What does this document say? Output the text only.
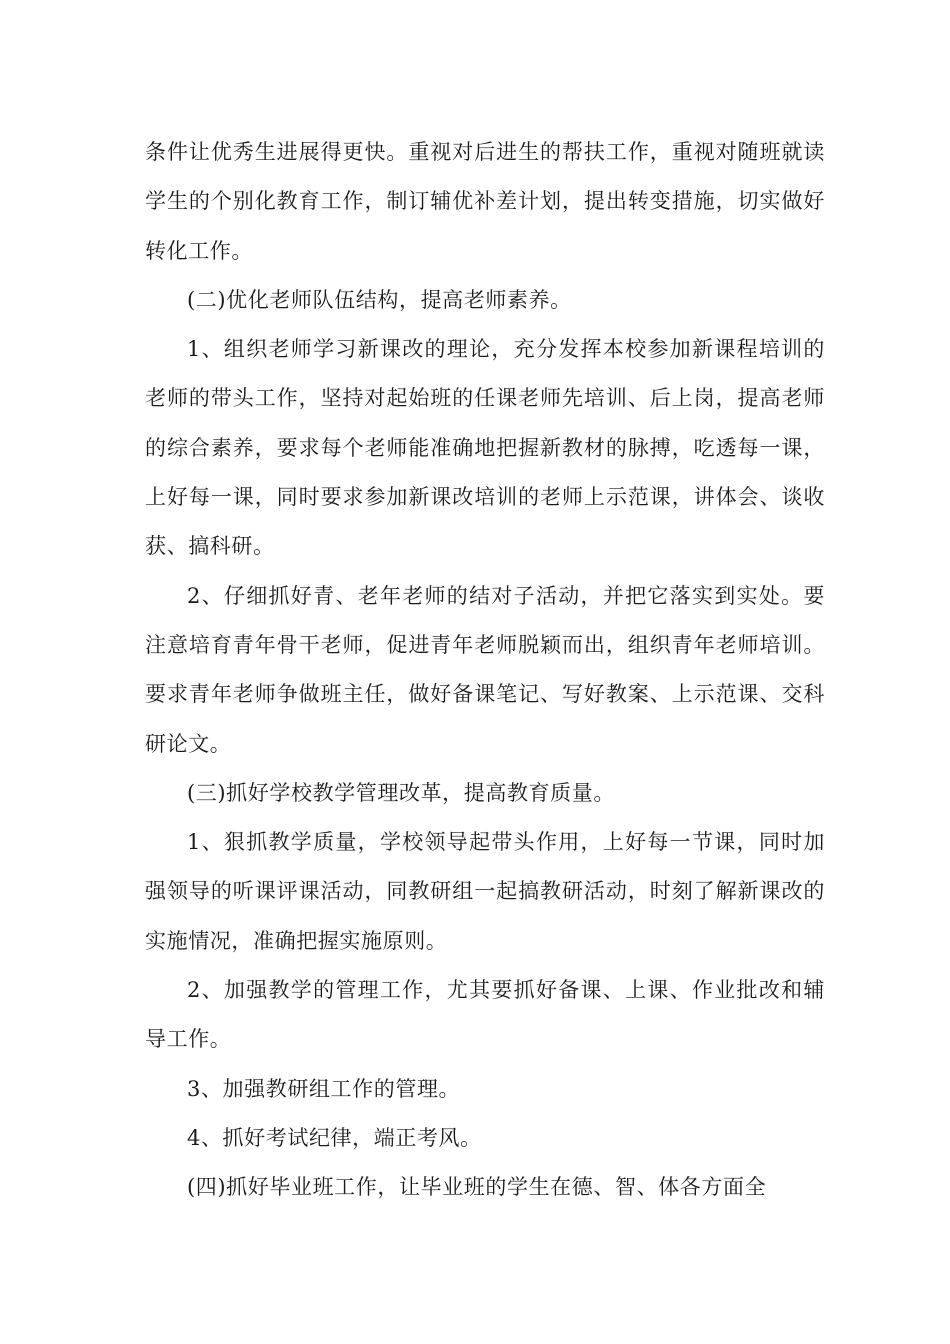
条件让优秀生进展得更快。重视对后进生的帮扶工作，重视对随班就读学生的个别化教育工作，制订辅优补差计划，提出转变措施，切实做好转化工作。

(二)优化老师队伍结构，提高老师素养。

1、组织老师学习新课改的理论，充分发挥本校参加新课程培训的老师的带头工作，坚持对起始班的任课老师先培训、后上岗，提高老师的综合素养，要求每个老师能准确地把握新教材的脉搏，吃透每一课，上好每一课，同时要求参加新课改培训的老师上示范课，讲体会、谈收获、搞科研。

2、仔细抓好青、老年老师的结对子活动，并把它落实到实处。要注意培育青年骨干老师，促进青年老师脱颖而出，组织青年老师培训。要求青年老师争做班主任，做好备课笔记、写好教案、上示范课、交科研论文。

(三)抓好学校教学管理改革，提高教育质量。

1、狠抓教学质量，学校领导起带头作用，上好每一节课，同时加强领导的听课评课活动，同教研组一起搞教研活动，时刻了解新课改的实施情况，准确把握实施原则。

2、加强教学的管理工作，尤其要抓好备课、上课、作业批改和辅导工作。

3、加强教研组工作的管理。

4、抓好考试纪律，端正考风。

(四)抓好毕业班工作，让毕业班的学生在德、智、体各方面全
